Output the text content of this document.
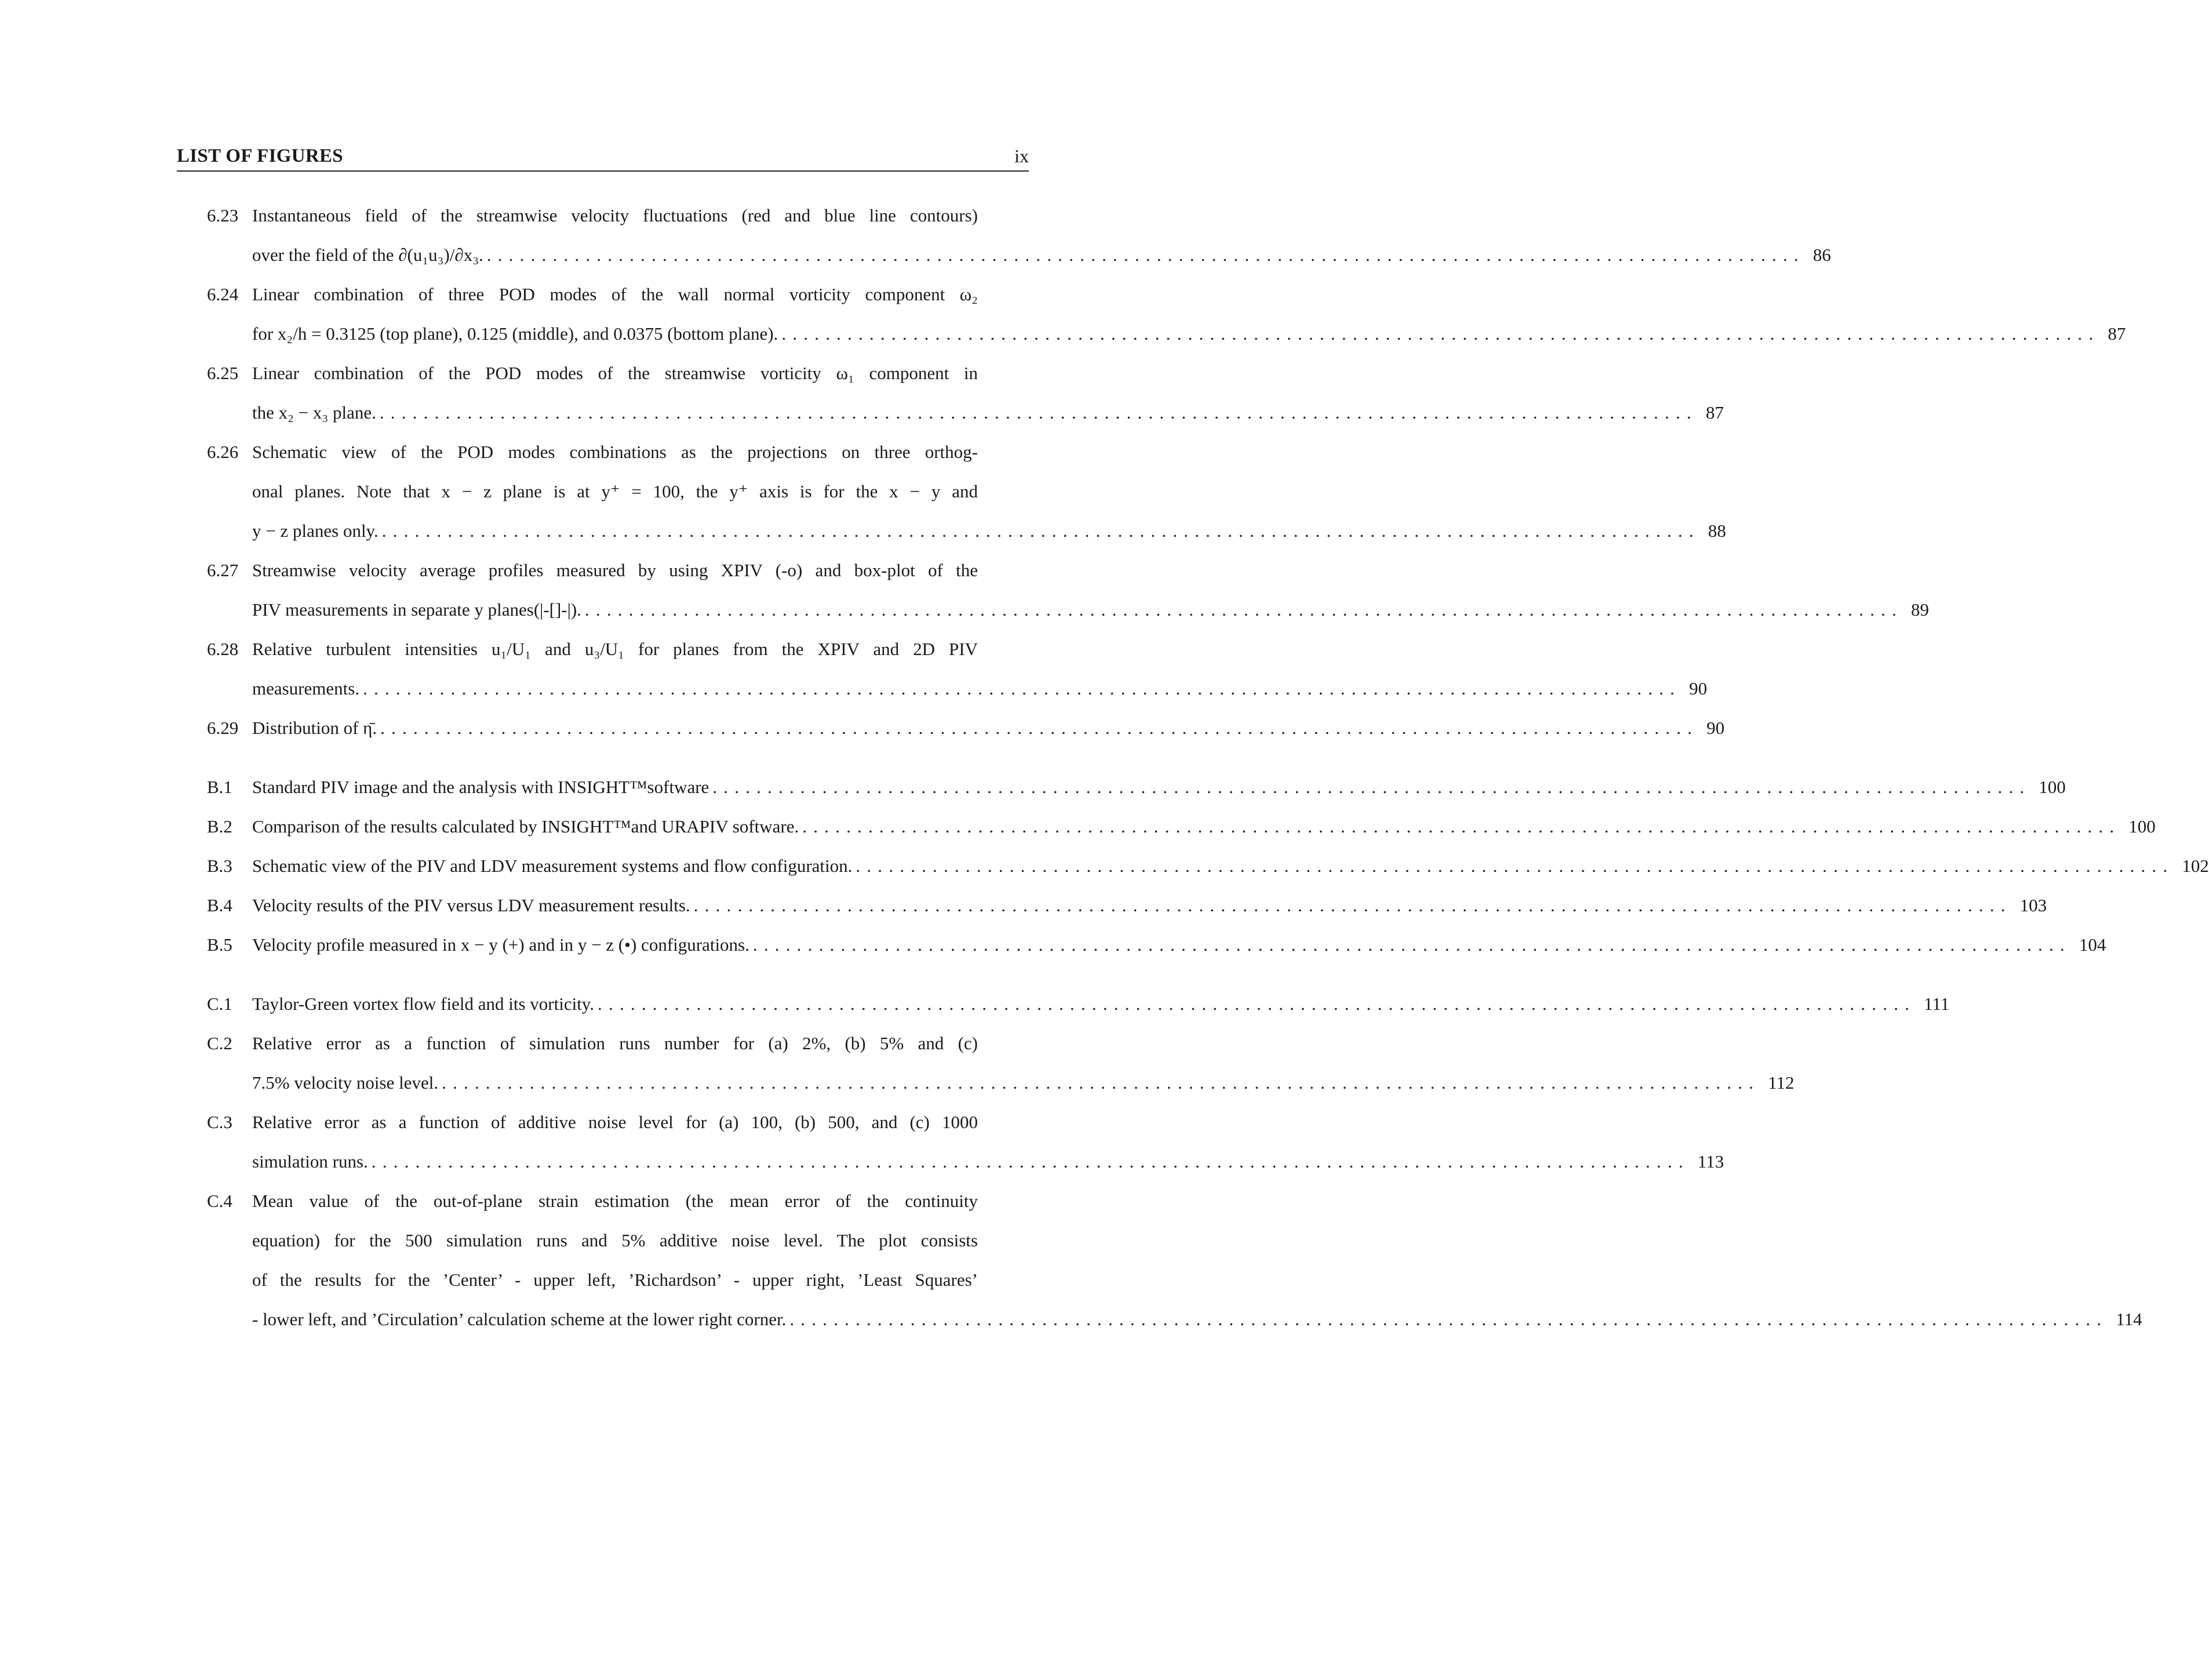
LIST OF FIGURES	ix
6.23 Instantaneous field of the streamwise velocity fluctuations (red and blue line contours)
over the field of the ∂(u₁u₃)/∂x₃. ........................................................................................................................ 86
6.24 Linear combination of three POD modes of the wall normal vorticity component ω₂
for x₂/h = 0.3125 (top plane), 0.125 (middle), and 0.0375 (bottom plane). ........................................................................................................................ 87
6.25 Linear combination of the POD modes of the streamwise vorticity ω₁ component in
the x₂ − x₃ plane. ........................................................................................................................ 87
6.26 Schematic view of the POD modes combinations as the projections on three orthog-
onal planes. Note that x − z plane is at y⁺ = 100, the y⁺ axis is for the x − y and
y − z planes only. ........................................................................................................................ 88
6.27 Streamwise velocity average profiles measured by using XPIV (-o) and box-plot of the
PIV measurements in separate y planes(|-[]-|). ........................................................................................................................ 89
6.28 Relative turbulent intensities u₁/U₁ and u₃/U₁ for planes from the XPIV and 2D PIV
measurements. ........................................................................................................................ 90
6.29 Distribution of η̄. ........................................................................................................................ 90
B.1	Standard PIV image and the analysis with INSIGHT™software ........................................................................................................................ 100
B.2	Comparison of the results calculated by INSIGHT™and URAPIV software. ........................................................................................................................ 100
B.3	Schematic view of the PIV and LDV measurement systems and flow configuration. ........................................................................................................................ 102
B.4	Velocity results of the PIV versus LDV measurement results. ........................................................................................................................ 103
B.5	Velocity profile measured in x − y (+) and in y − z (•) configurations. ........................................................................................................................ 104
C.1	Taylor-Green vortex flow field and its vorticity. ........................................................................................................................ 111
C.2	Relative error as a function of simulation runs number for (a) 2%, (b) 5% and (c)
7.5% velocity noise level. ........................................................................................................................ 112
C.3	Relative error as a function of additive noise level for (a) 100, (b) 500, and (c) 1000
simulation runs. ........................................................................................................................ 113
C.4	Mean value of the out-of-plane strain estimation (the mean error of the continuity
equation) for the 500 simulation runs and 5% additive noise level. The plot consists
of the results for the ’Center’ - upper left, ’Richardson’ - upper right, ’Least Squares’
- lower left, and ’Circulation’ calculation scheme at the lower right corner. ........................................................................................................................ 114
